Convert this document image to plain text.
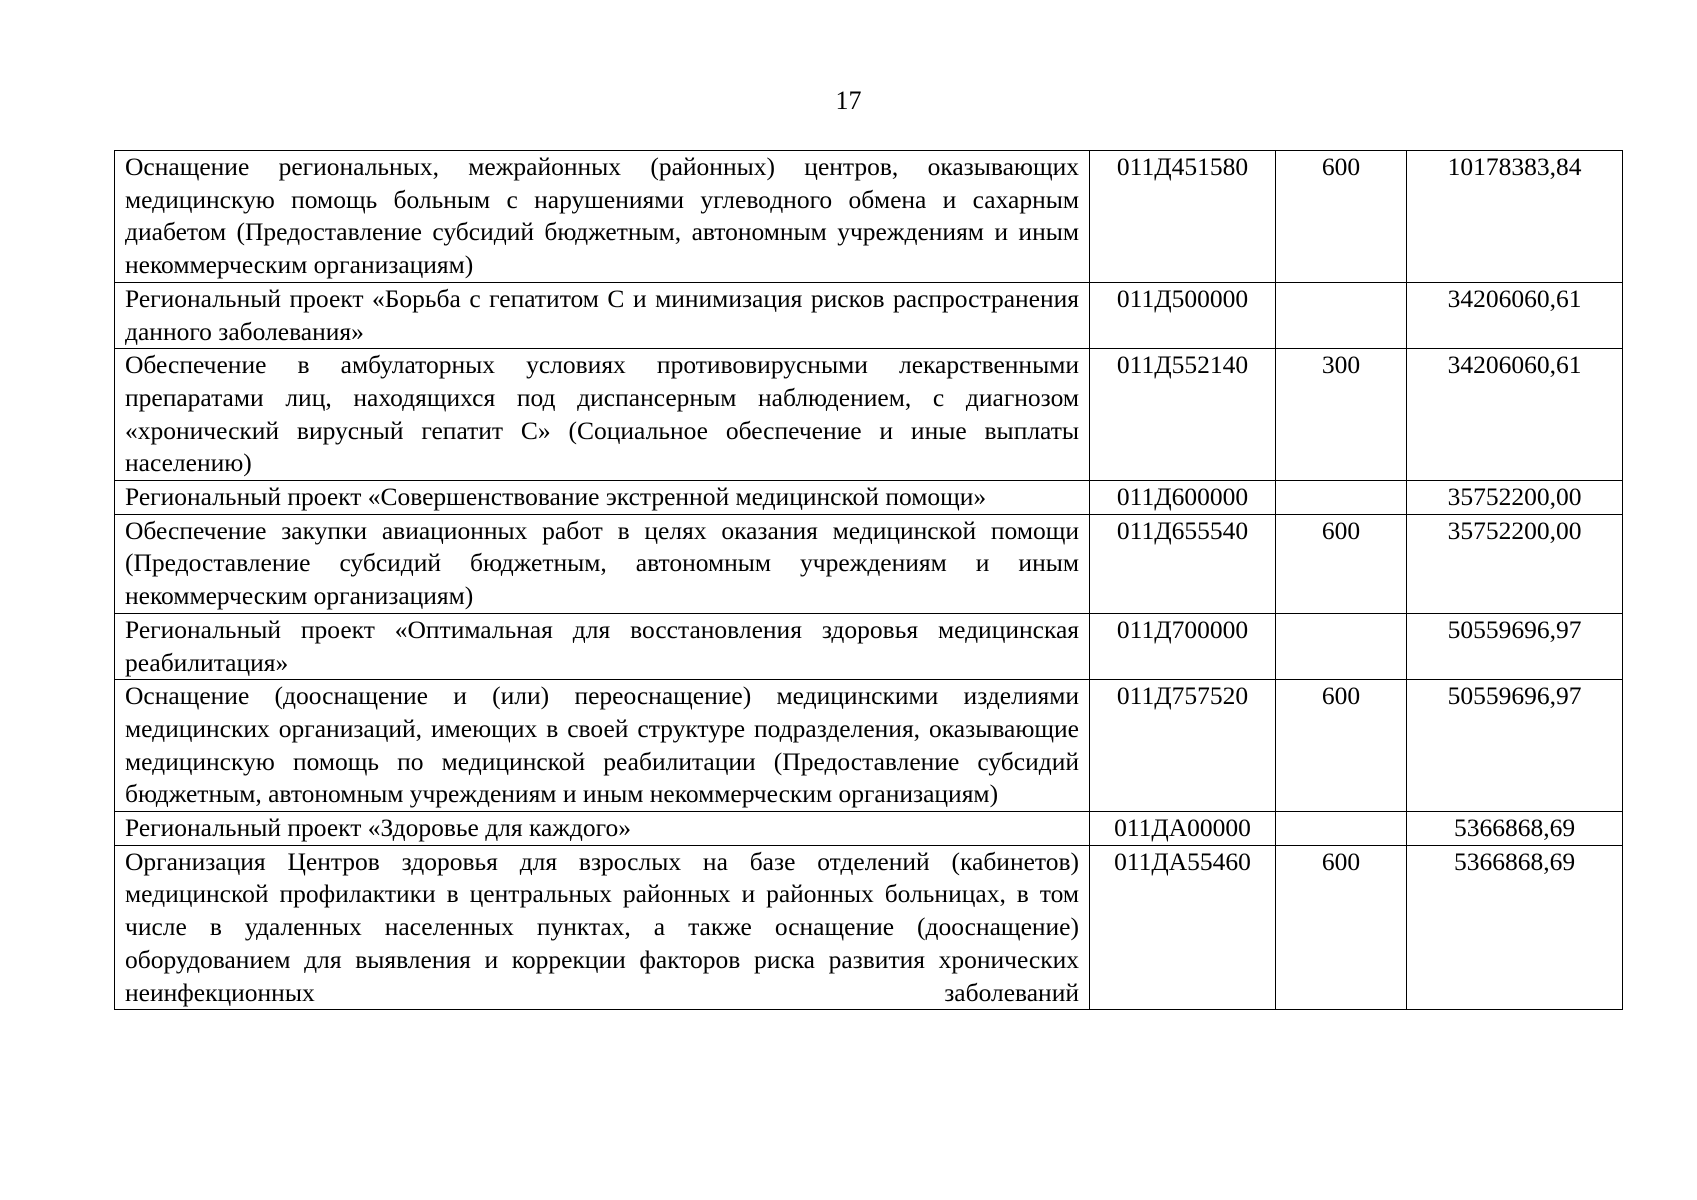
17
Оснащение региональных, межрайонных (районных) центров, оказывающих медицинскую помощь больным с нарушениями углеводного обмена и сахарным диабетом (Предоставление субсидий бюджетным, автономным учреждениям и иным некоммерческим организациям)	011Д451580	600	10178383,84
Региональный проект «Борьба с гепатитом С и минимизация рисков распространения данного заболевания»	011Д500000		34206060,61
Обеспечение в амбулаторных условиях противовирусными лекарственными препаратами лиц, находящихся под диспансерным наблюдением, с диагнозом «хронический вирусный гепатит С» (Социальное обеспечение и иные выплаты населению)	011Д552140	300	34206060,61
Региональный проект «Совершенствование экстренной медицинской помощи»	011Д600000		35752200,00
Обеспечение закупки авиационных работ в целях оказания медицинской помощи (Предоставление субсидий бюджетным, автономным учреждениям и иным некоммерческим организациям)	011Д655540	600	35752200,00
Региональный проект «Оптимальная для восстановления здоровья медицинская реабилитация»	011Д700000		50559696,97
Оснащение (дооснащение и (или) переоснащение) медицинскими изделиями медицинских организаций, имеющих в своей структуре подразделения, оказывающие медицинскую помощь по медицинской реабилитации (Предоставление субсидий бюджетным, автономным учреждениям и иным некоммерческим организациям)	011Д757520	600	50559696,97
Региональный проект «Здоровье для каждого»	011ДА00000		5366868,69
Организация Центров здоровья для взрослых на базе отделений (кабинетов) медицинской профилактики в центральных районных и районных больницах, в том числе в удаленных населенных пунктах, а также оснащение (дооснащение) оборудованием для выявления и коррекции факторов риска развития хронических неинфекционных заболеваний	011ДА55460	600	5366868,69
